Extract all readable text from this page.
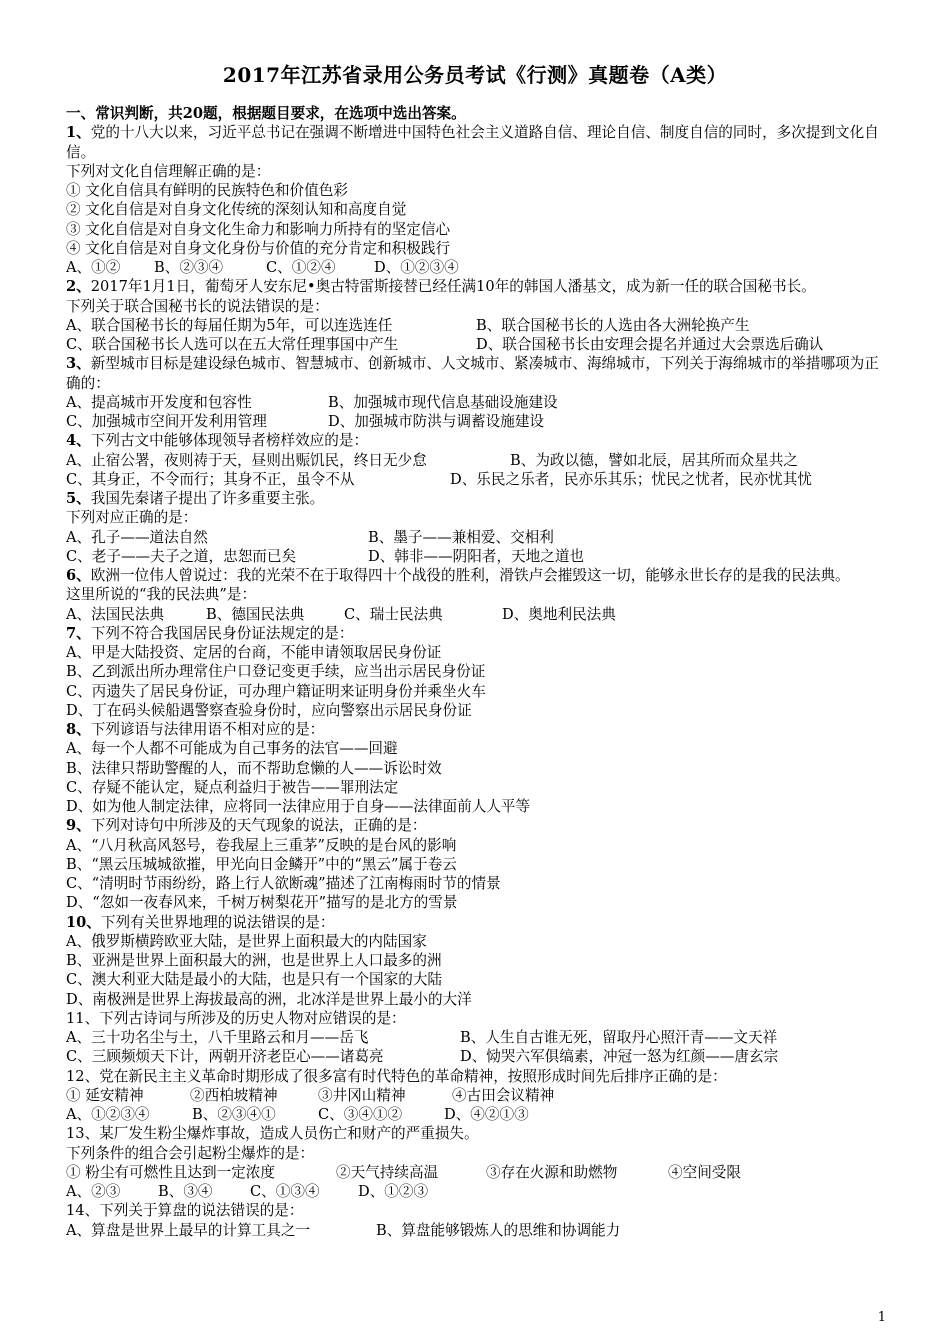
2017年江苏省录用公务员考试《行测》真题卷（A类）
一、常识判断，共20题，根据题目要求，在选项中选出答案。
1、党的十八大以来，习近平总书记在强调不断增进中国特色社会主义道路自信、理论自信、制度自信的同时，多次提到文化自信。
下列对文化自信理解正确的是：
① 文化自信具有鲜明的民族特色和价值色彩
② 文化自信是对自身文化传统的深刻认知和高度自觉
③ 文化自信是对自身文化生命力和影响力所持有的坚定信心
④ 文化自信是对自身文化身份与价值的充分肯定和积极践行
A、①②	B、②③④	C、①②④	D、①②③④
2、2017年1月1日，葡萄牙人安东尼•奥古特雷斯接替已经任满10年的韩国人潘基文，成为新一任的联合国秘书长。
下列关于联合国秘书长的说法错误的是：
A、联合国秘书长的每届任期为5年，可以连选连任	B、联合国秘书长的人选由各大洲轮换产生
C、联合国秘书长人选可以在五大常任理事国中产生	D、联合国秘书长由安理会提名并通过大会票选后确认
3、新型城市目标是建设绿色城市、智慧城市、创新城市、人文城市、紧凑城市、海绵城市，下列关于海绵城市的举措哪项为正确的：
A、提高城市开发度和包容性	B、加强城市现代信息基础设施建设
C、加强城市空间开发利用管理	D、加强城市防洪与调蓄设施建设
4、下列古文中能够体现领导者榜样效应的是：
A、止宿公署，夜则祷于天，昼则出赈饥民，终日无少怠	B、为政以德，譬如北辰，居其所而众星共之
C、其身正，不令而行；其身不正，虽令不从	D、乐民之乐者，民亦乐其乐；忧民之忧者，民亦忧其忧
5、我国先秦诸子提出了许多重要主张。
下列对应正确的是：
A、孔子——道法自然	B、墨子——兼相爱、交相利
C、老子——夫子之道，忠恕而已矣	D、韩非——阴阳者，天地之道也
6、欧洲一位伟人曾说过：我的光荣不在于取得四十个战役的胜利，滑铁卢会摧毁这一切，能够永世长存的是我的民法典。
这里所说的“我的民法典”是：
A、法国民法典	B、德国民法典	C、瑞士民法典	D、奥地利民法典
7、下列不符合我国居民身份证法规定的是：
A、甲是大陆投资、定居的台商，不能申请领取居民身份证
B、乙到派出所办理常住户口登记变更手续，应当出示居民身份证
C、丙遗失了居民身份证，可办理户籍证明来证明身份并乘坐火车
D、丁在码头候船遇警察查验身份时，应向警察出示居民身份证
8、下列谚语与法律用语不相对应的是：
A、每一个人都不可能成为自己事务的法官——回避
B、法律只帮助警醒的人，而不帮助怠懒的人——诉讼时效
C、存疑不能认定，疑点利益归于被告——罪刑法定
D、如为他人制定法律，应将同一法律应用于自身——法律面前人人平等
9、下列对诗句中所涉及的天气现象的说法，正确的是：
A、“八月秋高风怒号，卷我屋上三重茅”反映的是台风的影响
B、“黑云压城城欲摧，甲光向日金鳞开”中的“黑云”属于卷云
C、“清明时节雨纷纷，路上行人欲断魂”描述了江南梅雨时节的情景
D、“忽如一夜春风来，千树万树梨花开”描写的是北方的雪景
10、下列有关世界地理的说法错误的是：
A、俄罗斯横跨欧亚大陆，是世界上面积最大的内陆国家
B、亚洲是世界上面积最大的洲，也是世界上人口最多的洲
C、澳大利亚大陆是最小的大陆，也是只有一个国家的大陆
D、南极洲是世界上海拔最高的洲，北冰洋是世界上最小的大洋
11、下列古诗词与所涉及的历史人物对应错误的是：
A、三十功名尘与土，八千里路云和月——岳飞	B、人生自古谁无死，留取丹心照汗青——文天祥
C、三顾频烦天下计，两朝开济老臣心——诸葛亮	D、恸哭六军俱缟素，冲冠一怒为红颜——唐玄宗
12、党在新民主主义革命时期形成了很多富有时代特色的革命精神，按照形成时间先后排序正确的是：
① 延安精神	②西柏坡精神	③井冈山精神	④古田会议精神
A、①②③④	B、②③④①	C、③④①②	D、④②①③
13、某厂发生粉尘爆炸事故，造成人员伤亡和财产的严重损失。
下列条件的组合会引起粉尘爆炸的是：
① 粉尘有可燃性且达到一定浓度	②天气持续高温	③存在火源和助燃物	④空间受限
A、②③	B、③④	C、①③④	D、①②③
14、下列关于算盘的说法错误的是：
A、算盘是世界上最早的计算工具之一	B、算盘能够锻炼人的思维和协调能力
1
